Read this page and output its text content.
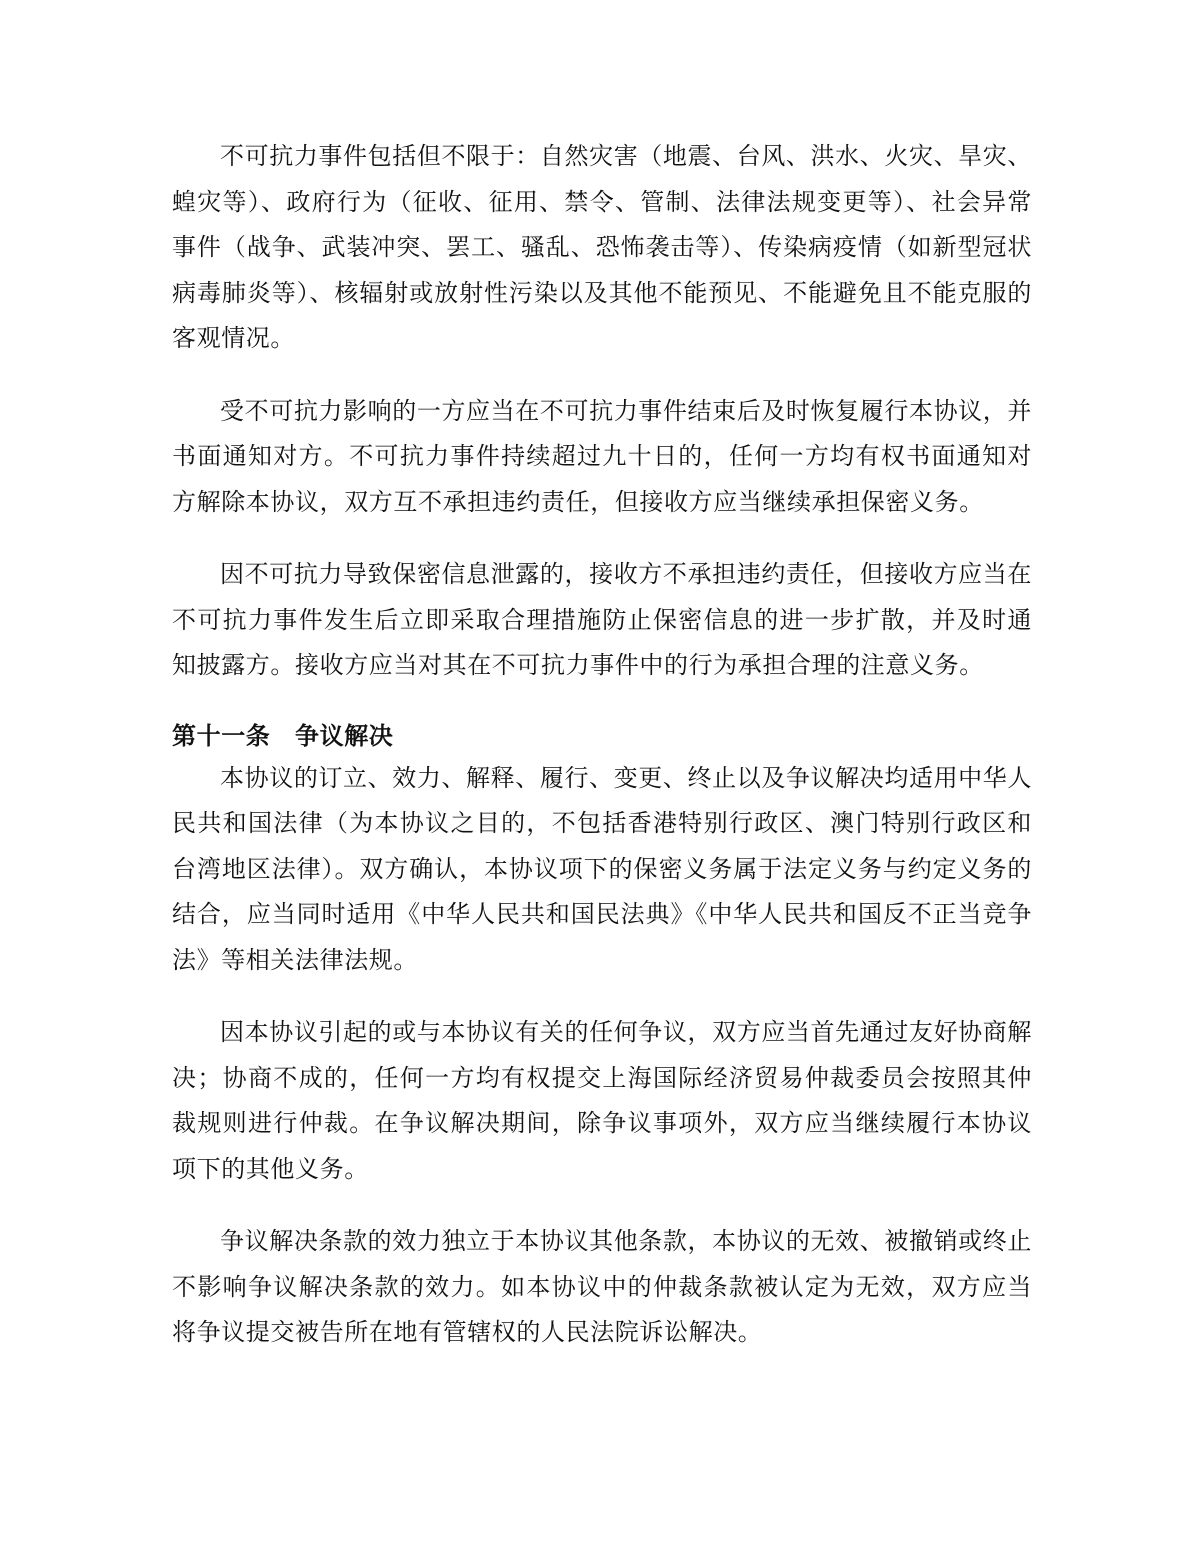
不可抗力事件包括但不限于：自然灾害（地震、台风、洪水、火灾、旱灾、蝗灾等）、政府行为（征收、征用、禁令、管制、法律法规变更等）、社会异常事件（战争、武装冲突、罢工、骚乱、恐怖袭击等）、传染病疫情（如新型冠状病毒肺炎等）、核辐射或放射性污染以及其他不能预见、不能避免且不能克服的客观情况。

受不可抗力影响的一方应当在不可抗力事件结束后及时恢复履行本协议，并书面通知对方。不可抗力事件持续超过九十日的，任何一方均有权书面通知对方解除本协议，双方互不承担违约责任，但接收方应当继续承担保密义务。

因不可抗力导致保密信息泄露的，接收方不承担违约责任，但接收方应当在不可抗力事件发生后立即采取合理措施防止保密信息的进一步扩散，并及时通知披露方。接收方应当对其在不可抗力事件中的行为承担合理的注意义务。

第十一条　争议解决

本协议的订立、效力、解释、履行、变更、终止以及争议解决均适用中华人民共和国法律（为本协议之目的，不包括香港特别行政区、澳门特别行政区和台湾地区法律）。双方确认，本协议项下的保密义务属于法定义务与约定义务的结合，应当同时适用《中华人民共和国民法典》《中华人民共和国反不正当竞争法》等相关法律法规。

因本协议引起的或与本协议有关的任何争议，双方应当首先通过友好协商解决；协商不成的，任何一方均有权提交上海国际经济贸易仲裁委员会按照其仲裁规则进行仲裁。在争议解决期间，除争议事项外，双方应当继续履行本协议项下的其他义务。

争议解决条款的效力独立于本协议其他条款，本协议的无效、被撤销或终止不影响争议解决条款的效力。如本协议中的仲裁条款被认定为无效，双方应当将争议提交被告所在地有管辖权的人民法院诉讼解决。
